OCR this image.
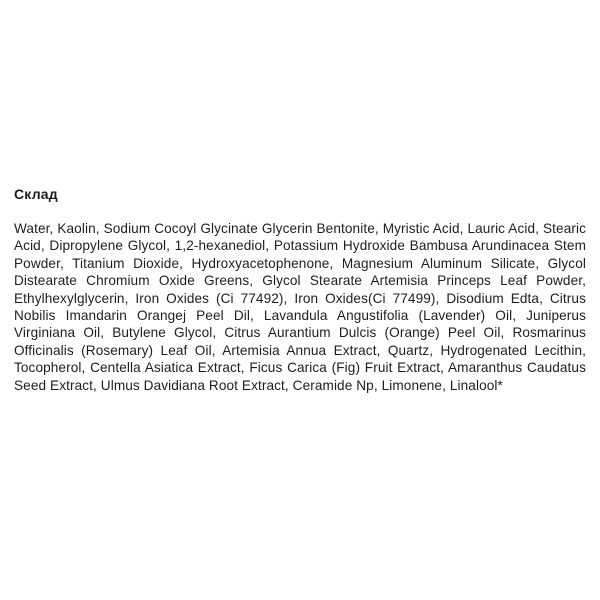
Склад

Water, Kaolin, Sodium Cocoyl Glycinate Glycerin Bentonite, Myristic Acid, Lauric Acid, Stearic Acid, Dipropylene Glycol, 1,2-hexanediol, Potassium Hydroxide Bambusa Arundinacea Stem Powder, Titanium Dioxide, Hydroxyacetophenone, Magnesium Aluminum Silicate, Glycol Distearate Chromium Oxide Greens, Glycol Stearate Artemisia Princeps Leaf Powder, Ethylhexylglycerin, Iron Oxides (Ci 77492), Iron Oxides(Ci 77499), Disodium Edta, Citrus Nobilis Imandarin Orangej Peel Dil, Lavandula Angustifolia (Lavender) Oil, Juniperus Virginiana Oil, Butylene Glycol, Citrus Aurantium Dulcis (Orange) Peel Oil, Rosmarinus Officinalis (Rosemary) Leaf Oil, Artemisia Annua Extract, Quartz, Hydrogenated Lecithin, Tocopherol, Centella Asiatica Extract, Ficus Carica (Fig) Fruit Extract, Amaranthus Caudatus Seed Extract, Ulmus Davidiana Root Extract, Ceramide Np, Limonene, Linalool*
